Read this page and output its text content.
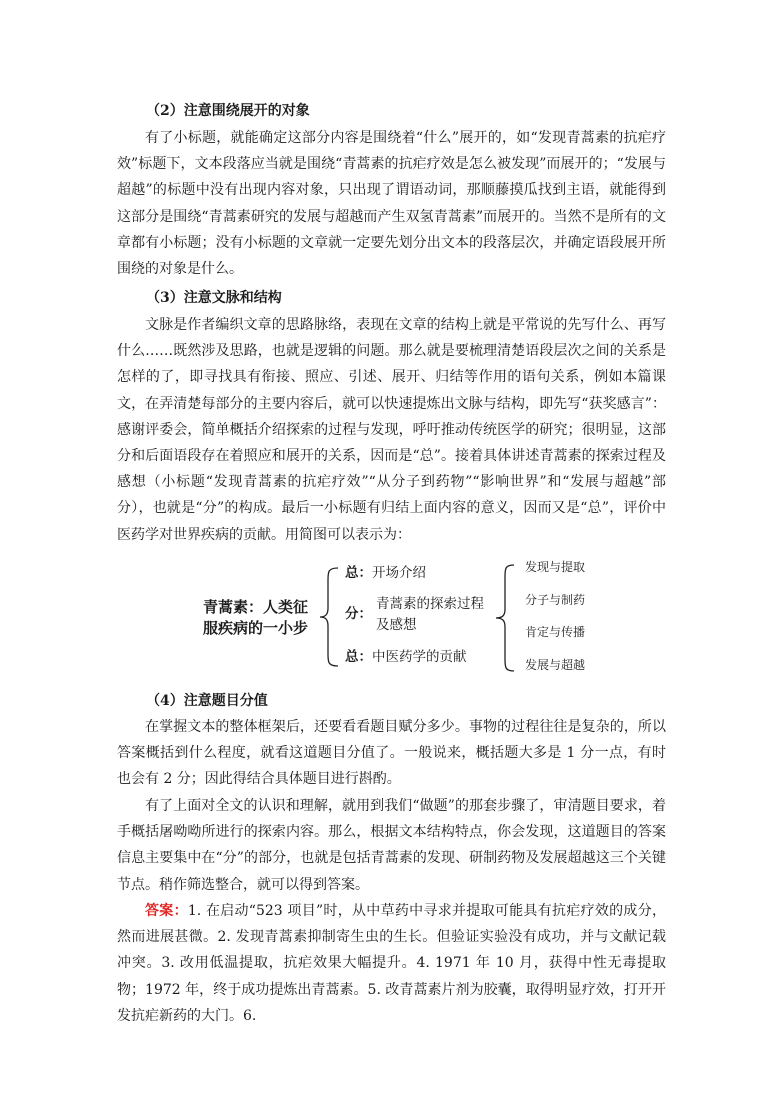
（2）注意围绕展开的对象
有了小标题，就能确定这部分内容是围绕着“什么”展开的，如“发现青蒿素的抗疟疗效”标题下，文本段落应当就是围绕“青蒿素的抗疟疗效是怎么被发现”而展开的；“发展与超越”的标题中没有出现内容对象，只出现了谓语动词，那顺藤摸瓜找到主语，就能得到这部分是围绕“青蒿素研究的发展与超越而产生双氢青蒿素”而展开的。当然不是所有的文章都有小标题；没有小标题的文章就一定要先划分出文本的段落层次，并确定语段展开所围绕的对象是什么。
（3）注意文脉和结构
文脉是作者编织文章的思路脉络，表现在文章的结构上就是平常说的先写什么、再写什么……既然涉及思路，也就是逻辑的问题。那么就是要梳理清楚语段层次之间的关系是怎样的了，即寻找具有衔接、照应、引述、展开、归结等作用的语句关系，例如本篇课文，在弄清楚每部分的主要内容后，就可以快速提炼出文脉与结构，即先写“获奖感言”：感谢评委会，简单概括介绍探索的过程与发现，呼吁推动传统医学的研究；很明显，这部分和后面语段存在着照应和展开的关系，因而是“总”。接着具体讲述青蒿素的探索过程及感想（小标题“发现青蒿素的抗疟疗效”“从分子到药物”“影响世界”和“发展与超越”部分），也就是“分”的构成。最后一小标题有归结上面内容的意义，因而又是“总”，评价中医药学对世界疾病的贡献。用简图可以表示为：
青蒿素：人类征服疾病的一小步
总：开场介绍
分：
青蒿素的探索过程及感想
总：中医药学的贡献
发现与提取
分子与制药
肯定与传播
发展与超越
（4）注意题目分值
在掌握文本的整体框架后，还要看看题目赋分多少。事物的过程往往是复杂的，所以答案概括到什么程度，就看这道题目分值了。一般说来，概括题大多是 1 分一点，有时也会有 2 分；因此得结合具体题目进行斟酌。
有了上面对全文的认识和理解，就用到我们“做题”的那套步骤了，审清题目要求，着手概括屠呦呦所进行的探索内容。那么，根据文本结构特点，你会发现，这道题目的答案信息主要集中在“分”的部分，也就是包括青蒿素的发现、研制药物及发展超越这三个关键节点。稍作筛选整合，就可以得到答案。
答案：1. 在启动“523 项目”时，从中草药中寻求并提取可能具有抗疟疗效的成分，然而进展甚微。2. 发现青蒿素抑制寄生虫的生长。但验证实验没有成功，并与文献记载冲突。3. 改用低温提取，抗疟效果大幅提升。4. 1971 年 10 月，获得中性无毒提取物；1972 年，终于成功提炼出青蒿素。5. 改青蒿素片剂为胶囊，取得明显疗效，打开开发抗疟新药的大门。6.
